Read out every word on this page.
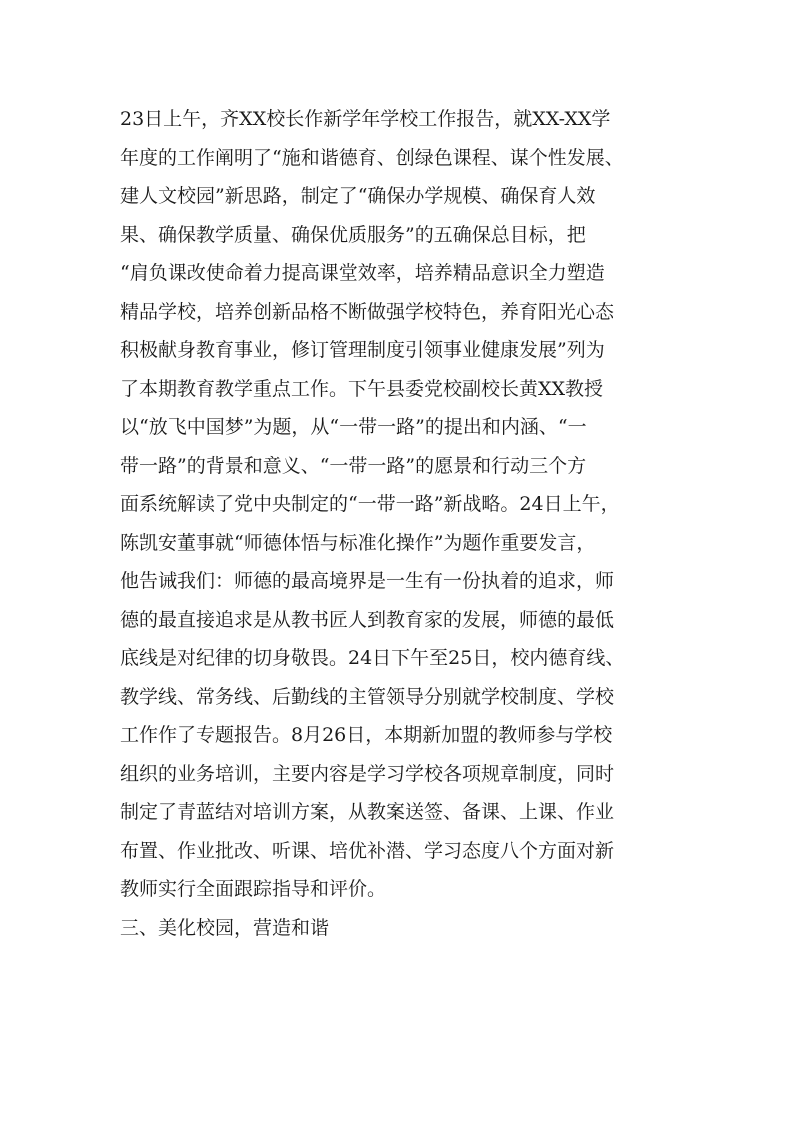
23日上午，齐XX校长作新学年学校工作报告，就XX-XX学
年度的工作阐明了“施和谐德育、创绿色课程、谋个性发展、
建人文校园”新思路，制定了“确保办学规模、确保育人效
果、确保教学质量、确保优质服务”的五确保总目标，把
“肩负课改使命着力提高课堂效率，培养精品意识全力塑造
精品学校，培养创新品格不断做强学校特色，养育阳光心态
积极献身教育事业，修订管理制度引领事业健康发展”列为
了本期教育教学重点工作。下午县委党校副校长黄XX教授
以“放飞中国梦”为题，从“一带一路”的提出和内涵、“一
带一路”的背景和意义、“一带一路”的愿景和行动三个方
面系统解读了党中央制定的“一带一路”新战略。24日上午，
陈凯安董事就“师德体悟与标准化操作”为题作重要发言，
他告诫我们：师德的最高境界是一生有一份执着的追求，师
德的最直接追求是从教书匠人到教育家的发展，师德的最低
底线是对纪律的切身敬畏。24日下午至25日，校内德育线、
教学线、常务线、后勤线的主管领导分别就学校制度、学校
工作作了专题报告。8月26日，本期新加盟的教师参与学校
组织的业务培训，主要内容是学习学校各项规章制度，同时
制定了青蓝结对培训方案，从教案送签、备课、上课、作业
布置、作业批改、听课、培优补潜、学习态度八个方面对新
教师实行全面跟踪指导和评价。
三、美化校园，营造和谐
